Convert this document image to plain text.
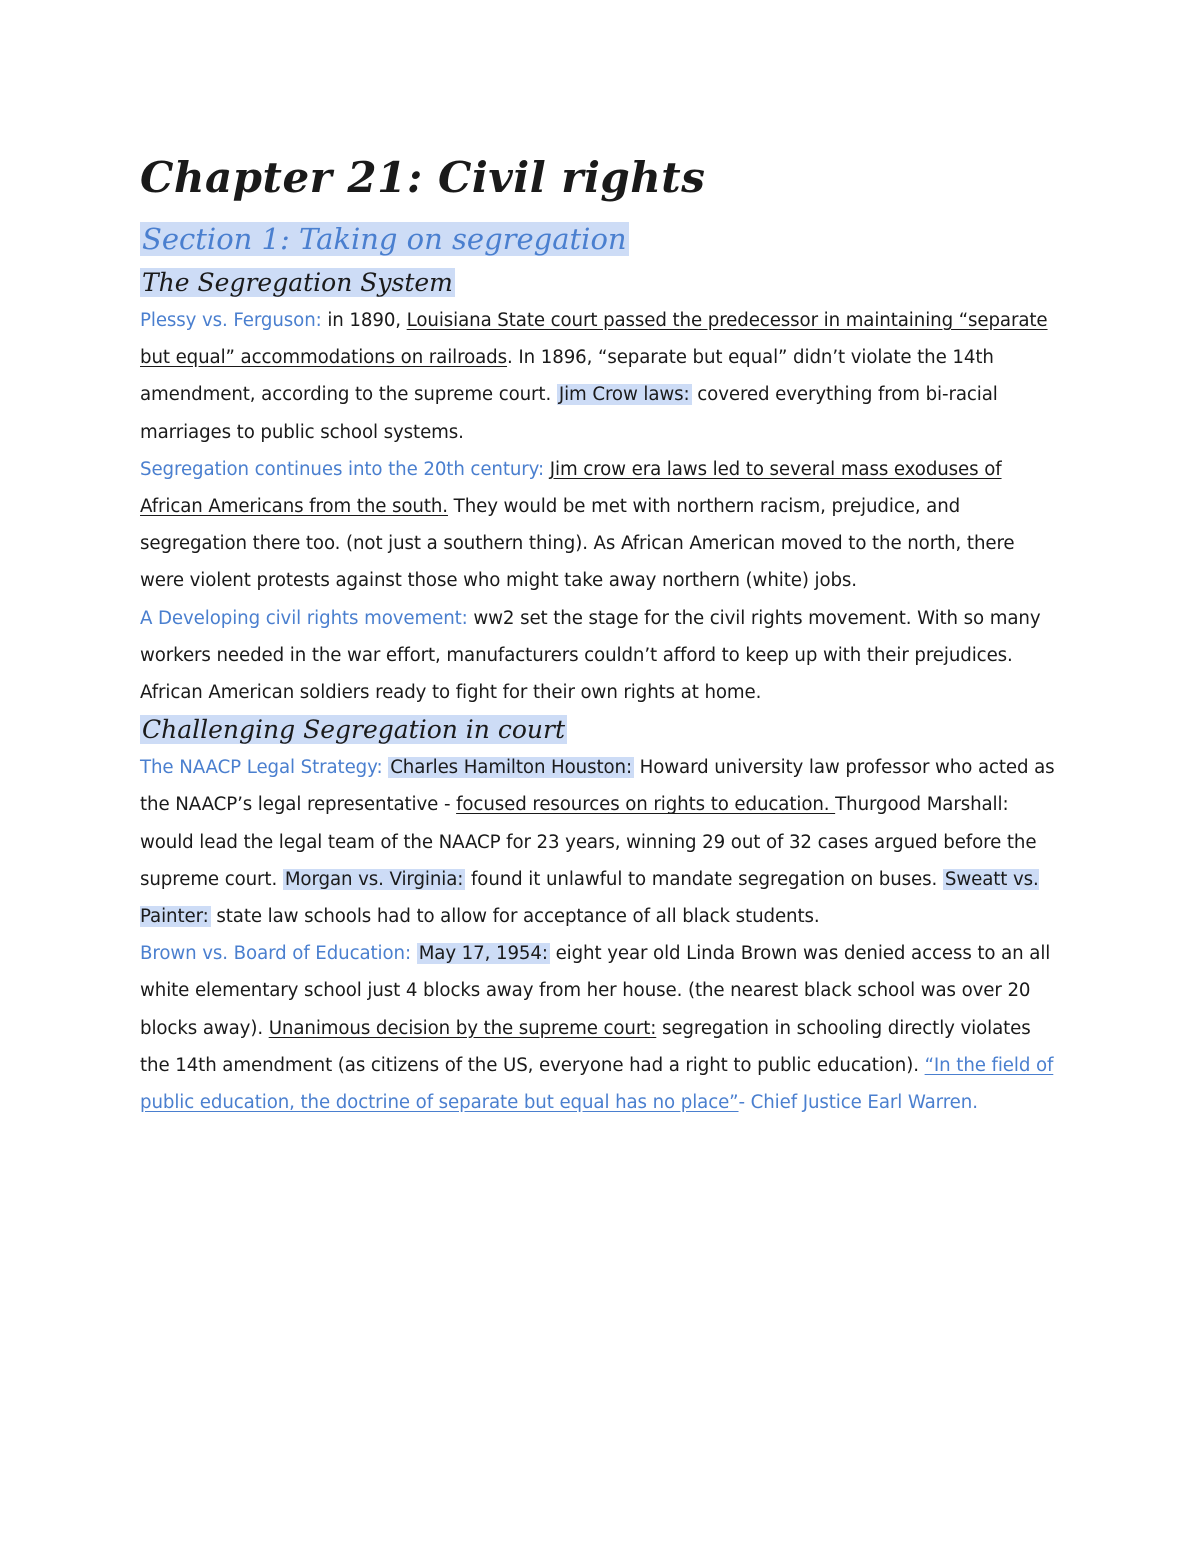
Chapter 21: Civil rights
Section 1: Taking on segregation
The Segregation System

Plessy vs. Ferguson: in 1890, Louisiana State court passed the predecessor in maintaining “separate but equal” accommodations on railroads. In 1896, “separate but equal” didn’t violate the 14th amendment, according to the supreme court. Jim Crow laws: covered everything from bi-racial marriages to public school systems.

Segregation continues into the 20th century: Jim crow era laws led to several mass exoduses of African Americans from the south. They would be met with northern racism, prejudice, and segregation there too. (not just a southern thing). As African American moved to the north, there were violent protests against those who might take away northern (white) jobs.

A Developing civil rights movement: ww2 set the stage for the civil rights movement. With so many workers needed in the war effort, manufacturers couldn’t afford to keep up with their prejudices. African American soldiers ready to fight for their own rights at home.

Challenging Segregation in court

The NAACP Legal Strategy: Charles Hamilton Houston: Howard university law professor who acted as the NAACP’s legal representative - focused resources on rights to education. Thurgood Marshall: would lead the legal team of the NAACP for 23 years, winning 29 out of 32 cases argued before the supreme court. Morgan vs. Virginia: found it unlawful to mandate segregation on buses. Sweatt vs. Painter: state law schools had to allow for acceptance of all black students.

Brown vs. Board of Education: May 17, 1954: eight year old Linda Brown was denied access to an all white elementary school just 4 blocks away from her house. (the nearest black school was over 20 blocks away). Unanimous decision by the supreme court: segregation in schooling directly violates the 14th amendment (as citizens of the US, everyone had a right to public education). “In the field of public education, the doctrine of separate but equal has no place”- Chief Justice Earl Warren.
